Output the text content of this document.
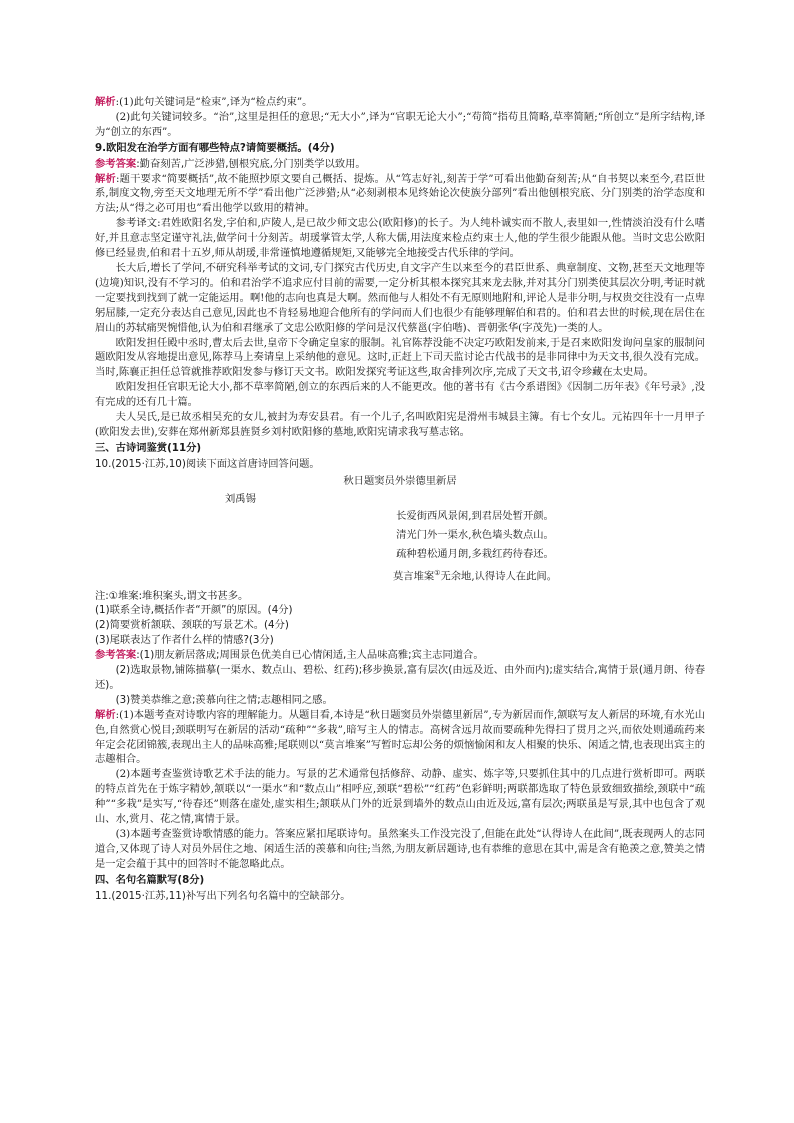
解析:(1)此句关键词是“检束”,译为“检点约束”。

(2)此句关键词较多。“治”,这里是担任的意思;“无大小”,译为“官职无论大小”;“苟简”指苟且简略,草率简陋;“所创立”是所字结构,译为“创立的东西”。

9.欧阳发在治学方面有哪些特点?请简要概括。(4分)

参考答案:勤奋刻苦,广泛涉猎,刨根究底,分门别类学以致用。

解析:题干要求“简要概括”,故不能照抄原文要自己概括、提炼。从“笃志好礼,刻苦于学”可看出他勤奋刻苦;从“自书契以来至今,君臣世系,制度文物,旁至天文地理无所不学”看出他广泛涉猎;从“必刻剥根本见终始论次使族分部列”看出他刨根究底、分门别类的治学态度和方法;从“得之必可用也”看出他学以致用的精神。

参考译文:君姓欧阳名发,字伯和,庐陵人,是已故少师文忠公(欧阳修)的长子。为人纯朴诚实而不散人,表里如一,性情淡泊没有什么嗜好,并且意志坚定谨守礼法,做学问十分刻苦。胡瑗掌管太学,人称大儒,用法度来检点约束士人,他的学生很少能跟从他。当时文忠公欧阳修已经显贵,伯和君十五岁,师从胡瑗,非常谨慎地遵循规矩,又能够完全地接受古代乐律的学问。

长大后,增长了学问,不研究科举考试的文词,专门探究古代历史,自文字产生以来至今的君臣世系、典章制度、文物,甚至天文地理等(边境)知识,没有不学习的。伯和君治学不追求应付目前的需要,一定分析其根本探究其来龙去脉,并对其分门别类使其层次分明,考证时就一定要找到找到了就一定能运用。啊!他的志向也真是大啊。然而他与人相处不有无原则地附和,评论人是非分明,与权贵交往没有一点卑躬屈膝,一定充分表达自己意见,因此也不肯轻易地迎合他所有的学问而人们也很少有能够理解伯和君的。伯和君去世的时候,现在居住在眉山的苏轼痛哭惋惜他,认为伯和君继承了文忠公欧阳修的学问是汉代蔡邕(字伯喈)、晋朝张华(字茂先)一类的人。

欧阳发担任殿中丞时,曹太后去世,皇帝下令确定皇家的服制。礼官陈荐没能不决定巧欧阳发前来,于是召来欧阳发询问皇家的服制问题欧阳发从容地提出意见,陈荐马上奏请皇上采纳他的意见。这时,正赶上下司天监讨论古代战书的是非同律中为天文书,很久没有完成。当时,陈襄正担任总管就推荐欧阳发参与修订天文书。欧阳发探究考证这些,取舍排列次序,完成了天文书,诏令珍藏在太史局。

欧阳发担任官职无论大小,都不草率简陋,创立的东西后来的人不能更改。他的著书有《古今系谱图》《因制二历年表》《年号录》,没有完成的还有几十篇。

夫人吴氏,是已故丞相吴充的女儿,被封为寿安县君。有一个儿子,名叫欧阳宪是滑州韦城县主簿。有七个女儿。元祐四年十一月甲子(欧阳发去世),安葬在郑州新郑县旌贤乡刘村欧阳修的墓地,欧阳宪请求我写墓志铭。

三、古诗词鉴赏(11分)

10.(2015·江苏,10)阅读下面这首唐诗回答问题。

秋日题窦员外崇德里新居
刘禹锡
长爱街西风景闲,到君居处暂开颜。
清光门外一渠水,秋色墙头数点山。
疏种碧松通月朗,多栽红药待春还。
莫言堆案①无余地,认得诗人在此间。

注:①堆案:堆积案头,谓文书甚多。

(1)联系全诗,概括作者“开颜”的原因。(4分)

(2)简要赏析颔联、颈联的写景艺术。(4分)

(3)尾联表达了作者什么样的情感?(3分)

参考答案:(1)朋友新居落成;周围景色优美自已心情闲适,主人品味高雅;宾主志同道合。

(2)选取景物,铺陈描摹(一渠水、数点山、碧松、红药);移步换景,富有层次(由远及近、由外而内);虚实结合,寓情于景(通月朗、待春还)。

(3)赞美恭维之意;羡慕向往之情;志趣相同之感。

解析:(1)本题考查对诗歌内容的理解能力。从题目看,本诗是“秋日题窦员外崇德里新居”,专为新居而作,颔联写友人新居的环境,有水光山色,自然赏心悦目;颈联明写在新居的活动“疏种”“多栽”,暗写主人的情志。高树含远月故而要疏种先得扫了贯月之兴,而依处则通疏药来年定会花团锦簇,表现出主人的品味高雅;尾联则以“莫言堆案”写暂时忘却公务的烦恼愉闲和友人相聚的快乐、闲适之情,也表现出宾主的志趣相合。

(2)本题考查鉴赏诗歌艺术手法的能力。写景的艺术通常包括修辞、动静、虚实、炼字等,只要抓住其中的几点进行赏析即可。两联的特点首先在于炼字精妙,颔联以“一渠水”和“数点山”相呼应,颈联“碧松”“红药”色彩鲜明;两联都选取了特色景致细致描绘,颈联中“疏种”“多栽”是实写,“待春还”则落在虚处,虚实相生;颔联从门外的近景到墙外的数点山由近及远,富有层次;两联虽是写景,其中也包含了观山、水,赏月、花之情,寓情于景。

(3)本题考查鉴赏诗歌情感的能力。答案应紧扣尾联诗句。虽然案头工作没完没了,但能在此处“认得诗人在此间”,既表现两人的志同道合,又体现了诗人对员外居住之地、闲适生活的羡慕和向往;当然,为朋友新居题诗,也有恭维的意思在其中,需是含有艳羡之意,赞美之情是一定会蕴于其中的回答时不能忽略此点。

四、名句名篇默写(8分)

11.(2015·江苏,11)补写出下列名句名篇中的空缺部分。
